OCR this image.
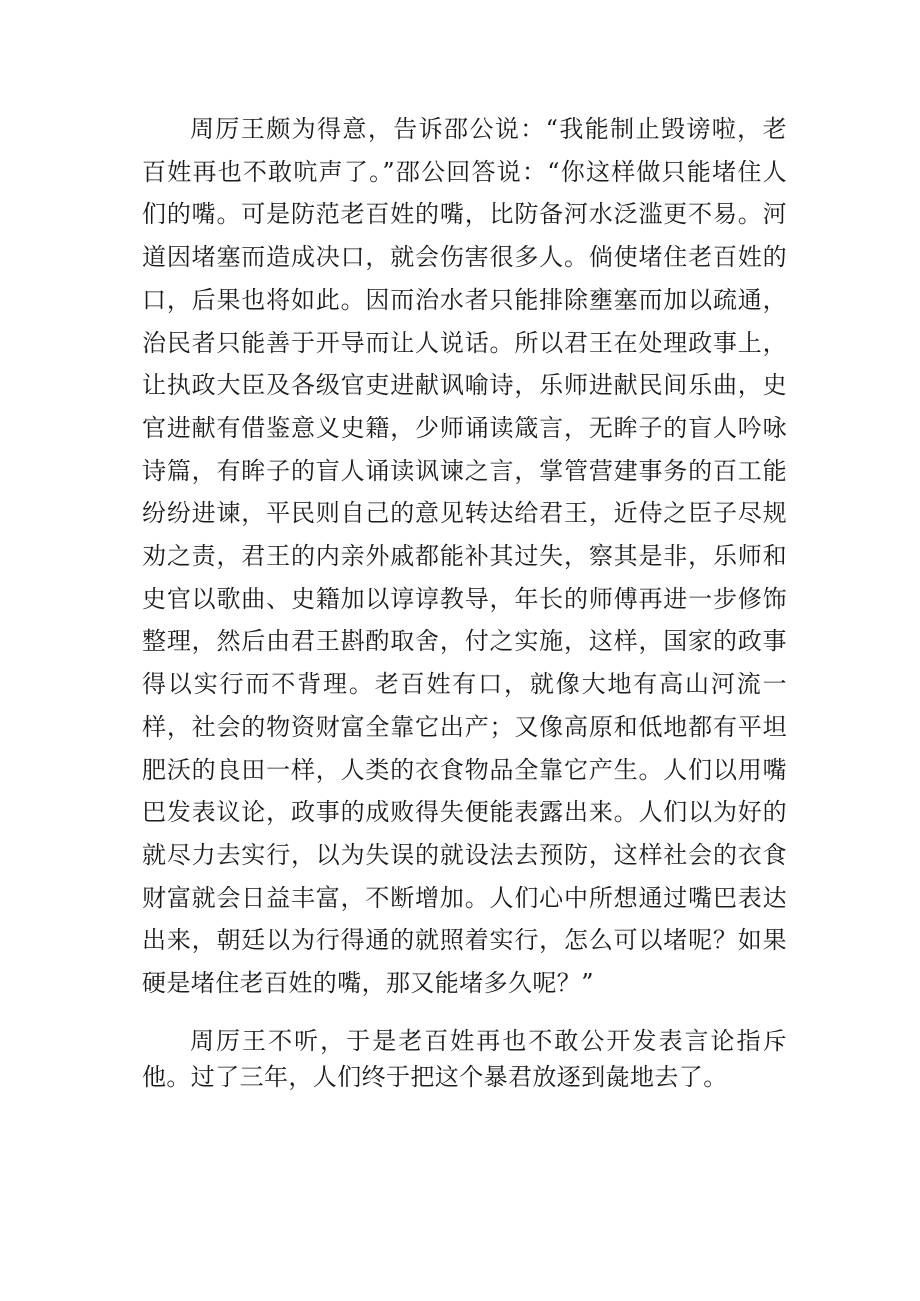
周厉王颇为得意，告诉邵公说：“我能制止毁谤啦，老百姓再也不敢吭声了。”邵公回答说：“你这样做只能堵住人们的嘴。可是防范老百姓的嘴，比防备河水泛滥更不易。河道因堵塞而造成决口，就会伤害很多人。倘使堵住老百姓的口，后果也将如此。因而治水者只能排除壅塞而加以疏通，治民者只能善于开导而让人说话。所以君王在处理政事上，让执政大臣及各级官吏进献讽喻诗，乐师进献民间乐曲，史官进献有借鉴意义史籍，少师诵读箴言，无眸子的盲人吟咏诗篇，有眸子的盲人诵读讽谏之言，掌管营建事务的百工能纷纷进谏，平民则自己的意见转达给君王，近侍之臣子尽规劝之责，君王的内亲外戚都能补其过失，察其是非，乐师和史官以歌曲、史籍加以谆谆教导，年长的师傅再进一步修饰整理，然后由君王斟酌取舍，付之实施，这样，国家的政事得以实行而不背理。老百姓有口，就像大地有高山河流一样，社会的物资财富全靠它出产；又像高原和低地都有平坦肥沃的良田一样，人类的衣食物品全靠它产生。人们以用嘴巴发表议论，政事的成败得失便能表露出来。人们以为好的就尽力去实行，以为失误的就设法去预防，这样社会的衣食财富就会日益丰富，不断增加。人们心中所想通过嘴巴表达出来，朝廷以为行得通的就照着实行，怎么可以堵呢？如果硬是堵住老百姓的嘴，那又能堵多久呢？”

周厉王不听，于是老百姓再也不敢公开发表言论指斥他。过了三年，人们终于把这个暴君放逐到彘地去了。
